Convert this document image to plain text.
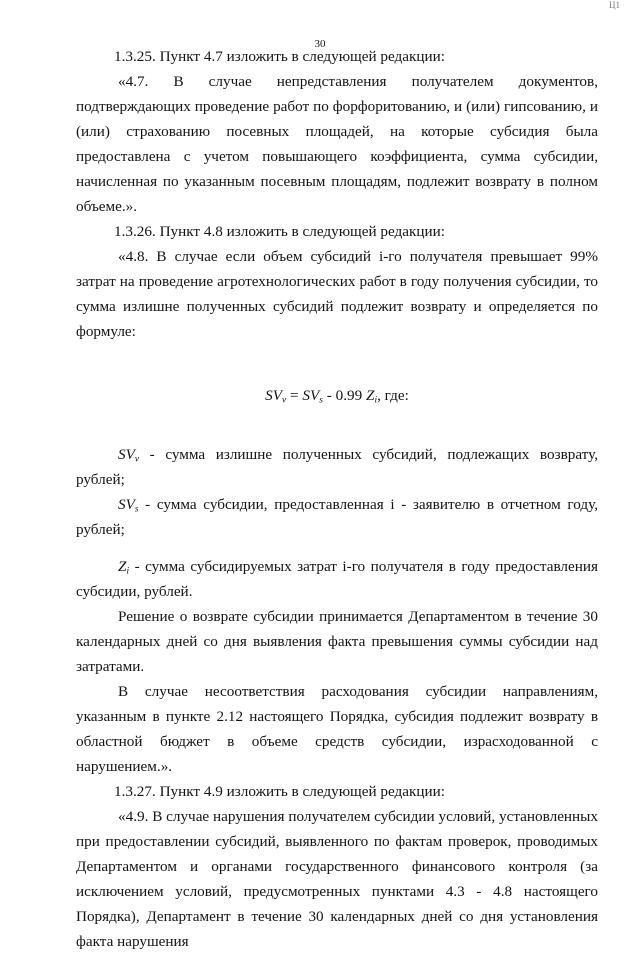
Ц1
30

1.3.25. Пункт 4.7 изложить в следующей редакции:

«4.7. В случае непредставления получателем документов, подтверждающих проведение работ по форфоритованию, и (или) гипсованию, и (или) страхованию посевных площадей, на которые субсидия была предоставлена с учетом повышающего коэффициента, сумма субсидии, начисленная по указанным посевным площадям, подлежит возврату в полном объеме.».

1.3.26. Пункт 4.8 изложить в следующей редакции:

«4.8. В случае если объем субсидий i-го получателя превышает 99% затрат на проведение агротехнологических работ в году получения субсидии, то сумма излишне полученных субсидий подлежит возврату и определяется по формуле:

$SV_v = SV_s - 0.99$ $Z_i$, где:

$SV_v$ - сумма излишне полученных субсидий, подлежащих возврату, рублей;

$SV_s$ - сумма субсидии, предоставленная i - заявителю в отчетном году, рублей;

$Z_i$ - сумма субсидируемых затрат i-го получателя в году предоставления субсидии, рублей.

Решение о возврате субсидии принимается Департаментом в течение 30 календарных дней со дня выявления факта превышения суммы субсидии над затратами.

В случае несоответствия расходования субсидии направлениям, указанным в пункте 2.12 настоящего Порядка, субсидия подлежит возврату в областной бюджет в объеме средств субсидии, израсходованной с нарушением.».

1.3.27. Пункт 4.9 изложить в следующей редакции:

«4.9. В случае нарушения получателем субсидии условий, установленных при предоставлении субсидий, выявленного по фактам проверок, проводимых Департаментом и органами государственного финансового контроля (за исключением условий, предусмотренных пунктами 4.3 - 4.8 настоящего Порядка), Департамент в течение 30 календарных дней со дня установления факта нарушения
